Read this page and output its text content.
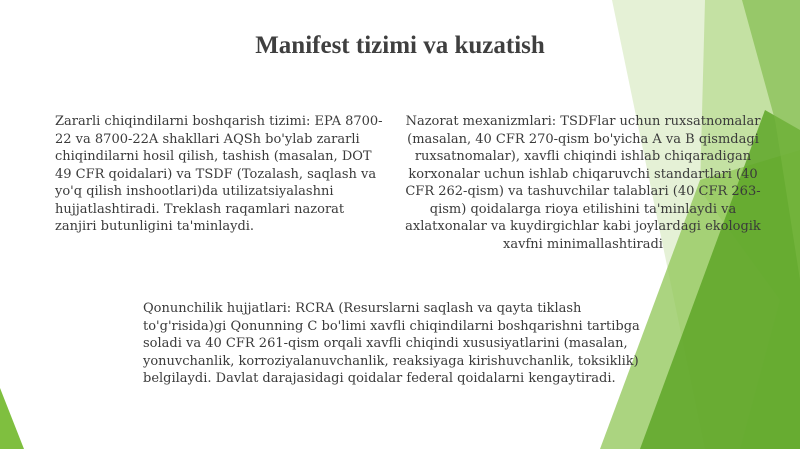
Manifest tizimi va kuzatish

Zararli chiqindilarni boshqarish tizimi: EPA 8700-22 va 8700-22A shakllari AQSh bo'ylab zararli chiqindilarni hosil qilish, tashish (masalan, DOT 49 CFR qoidalari) va TSDF (Tozalash, saqlash va yo'q qilish inshootlari)da utilizatsiyalashni hujjatlashtiradi. Treklash raqamlari nazorat zanjiri butunligini ta'minlaydi.

Nazorat mexanizmlari: TSDFlar uchun ruxsatnomalar (masalan, 40 CFR 270-qism bo'yicha A va B qismdagi ruxsatnomalar), xavfli chiqindi ishlab chiqaradigan korxonalar uchun ishlab chiqaruvchi standartlari (40 CFR 262-qism) va tashuvchilar talablari (40 CFR 263-qism) qoidalarga rioya etilishini ta'minlaydi va axlatxonalar va kuydirgichlar kabi joylardagi ekologik xavfni minimallashtiradi

Qonunchilik hujjatlari: RCRA (Resurslarni saqlash va qayta tiklash to'g'risida)gi Qonunning C bo'limi xavfli chiqindilarni boshqarishni tartibga soladi va 40 CFR 261-qism orqali xavfli chiqindi xususiyatlarini (masalan, yonuvchanlik, korroziyalanuvchanlik, reaksiyaga kirishuvchanlik, toksiklik) belgilaydi. Davlat darajasidagi qoidalar federal qoidalarni kengaytiradi.
